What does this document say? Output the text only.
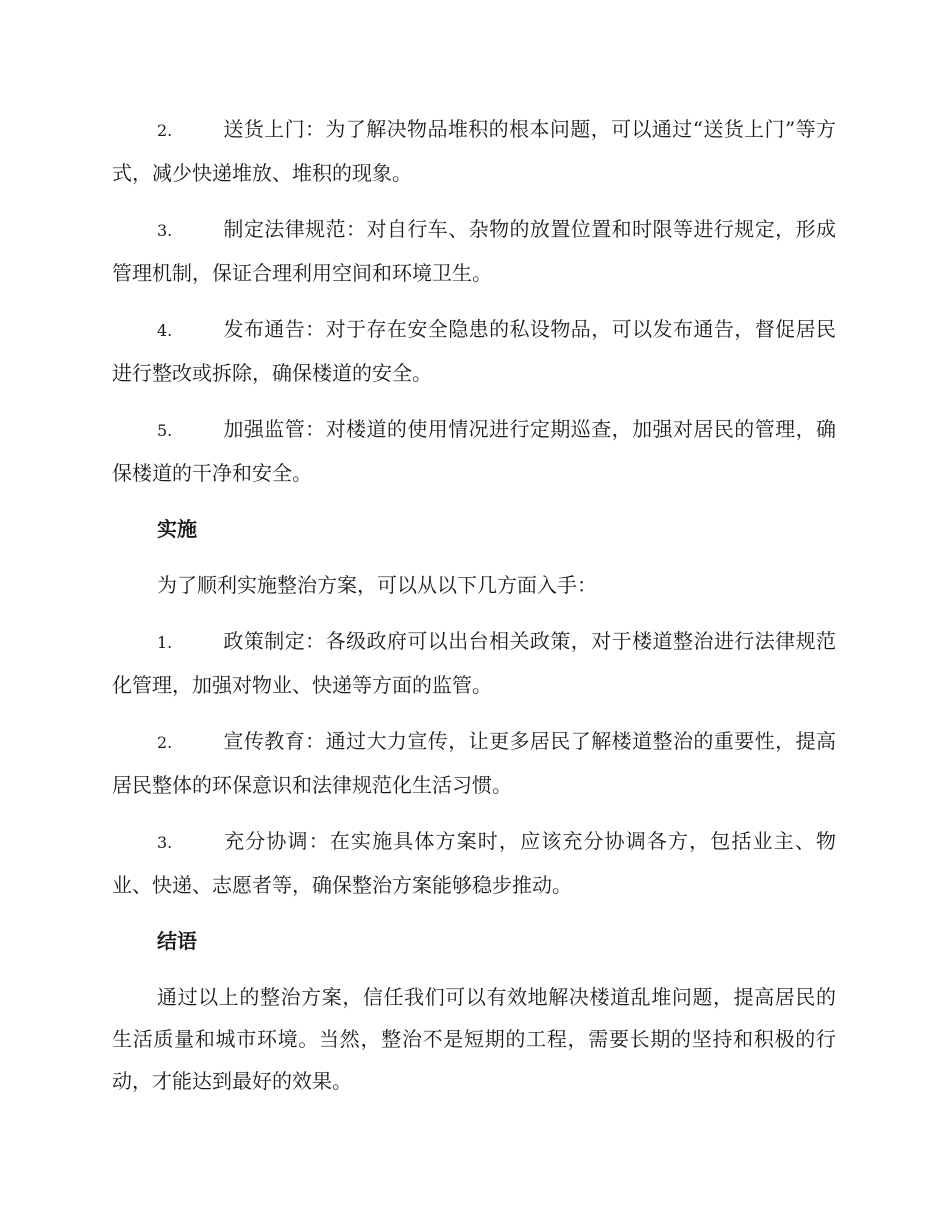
2.	送货上门：为了解决物品堆积的根本问题，可以通过“送货上门”等方式，减少快递堆放、堆积的现象。

3.	制定法律规范：对自行车、杂物的放置位置和时限等进行规定，形成管理机制，保证合理利用空间和环境卫生。

4.	发布通告：对于存在安全隐患的私设物品，可以发布通告，督促居民进行整改或拆除，确保楼道的安全。

5.	加强监管：对楼道的使用情况进行定期巡查，加强对居民的管理，确保楼道的干净和安全。

实施

为了顺利实施整治方案，可以从以下几方面入手：

1.	政策制定：各级政府可以出台相关政策，对于楼道整治进行法律规范化管理，加强对物业、快递等方面的监管。

2.	宣传教育：通过大力宣传，让更多居民了解楼道整治的重要性，提高居民整体的环保意识和法律规范化生活习惯。

3.	充分协调：在实施具体方案时，应该充分协调各方，包括业主、物业、快递、志愿者等，确保整治方案能够稳步推动。

结语

通过以上的整治方案，信任我们可以有效地解决楼道乱堆问题，提高居民的生活质量和城市环境。当然，整治不是短期的工程，需要长期的坚持和积极的行动，才能达到最好的效果。
